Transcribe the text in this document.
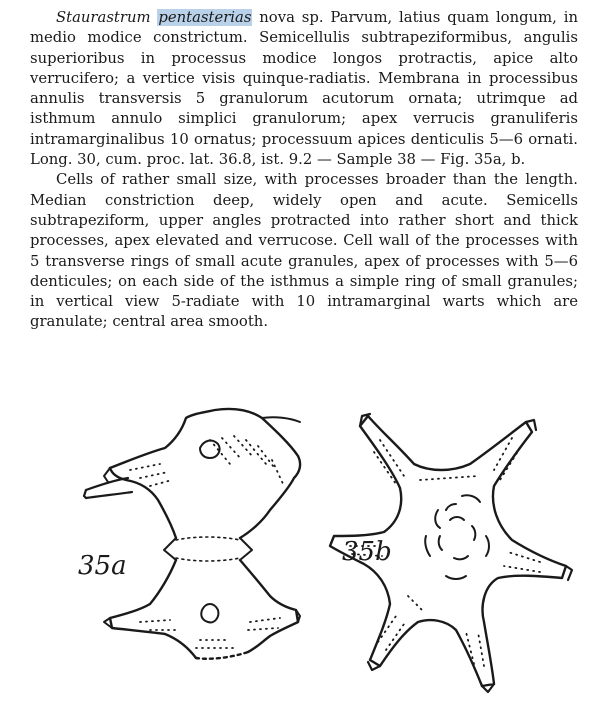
Staurastrum pentasterias nova sp. Parvum, latius quam longum, in medio modice constrictum. Semicellulis subtrapeziformibus, angulis superioribus in processus modice longos protractis, apice alto verrucifero; a vertice visis quinque-radiatis. Membrana in processibus annulis transversis 5 granulorum acutorum ornata; utrimque ad isthmum annulo simplici granulorum; apex verrucis granuliferis intramarginalibus 10 ornatus; processuum apices denticulis 5—6 ornati. Long. 30, cum. proc. lat. 36.8, ist. 9.2 — Sample 38 — Fig. 35a, b.

Cells of rather small size, with processes broader than the length. Median constriction deep, widely open and acute. Semicells subtrapeziform, upper angles protracted into rather short and thick processes, apex elevated and verrucose. Cell wall of the processes with 5 transverse rings of small acute granules, apex of processes with 5—6 denticules; on each side of the isthmus a simple ring of small granules; in vertical view 5-radiate with 10 intramarginal warts which are granulate; central area smooth.

35a	35b
